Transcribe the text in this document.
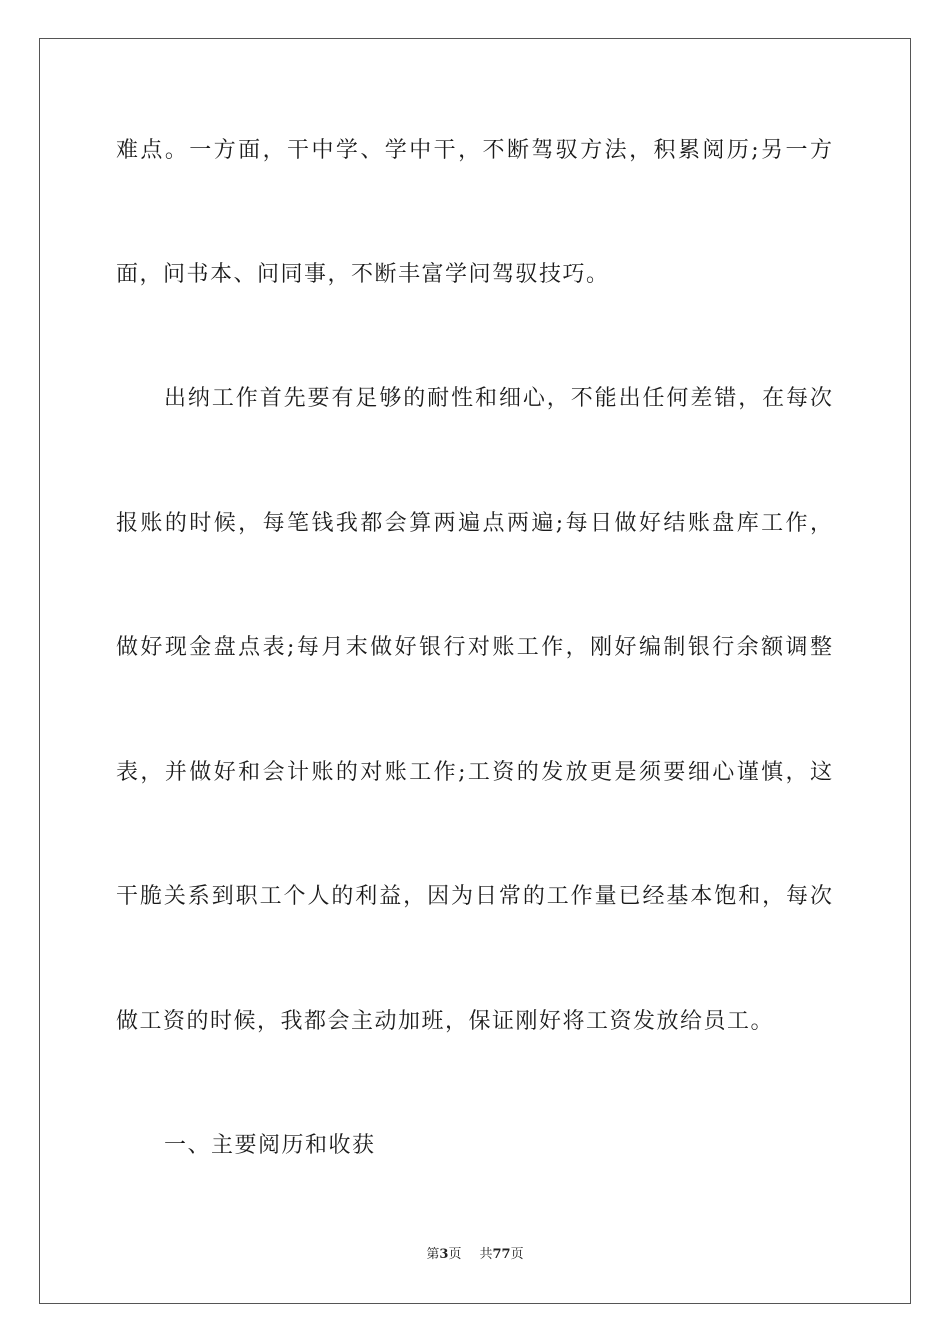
难点。一方面，干中学、学中干，不断驾驭方法，积累阅历;另一方
面，问书本、问同事，不断丰富学问驾驭技巧。
出纳工作首先要有足够的耐性和细心，不能出任何差错，在每次
报账的时候，每笔钱我都会算两遍点两遍;每日做好结账盘库工作，
做好现金盘点表;每月末做好银行对账工作，刚好编制银行余额调整
表，并做好和会计账的对账工作;工资的发放更是须要细心谨慎，这
干脆关系到职工个人的利益，因为日常的工作量已经基本饱和，每次
做工资的时候，我都会主动加班，保证刚好将工资发放给员工。
一、主要阅历和收获
第3页 共77页
